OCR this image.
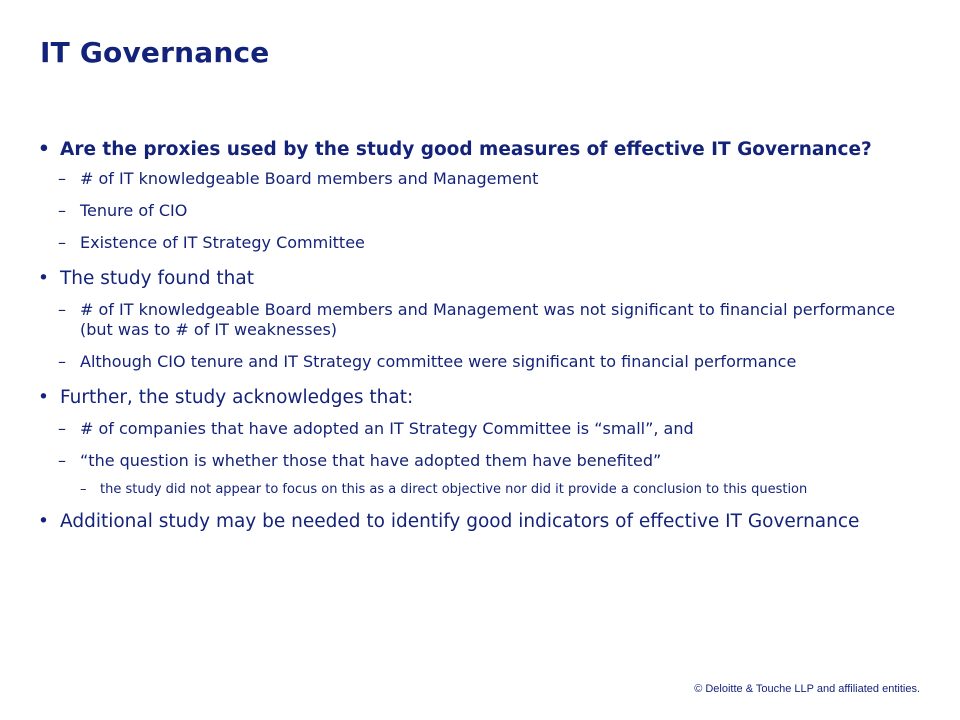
IT Governance
• Are the proxies used by the study good measures of effective IT Governance?
– # of IT knowledgeable Board members and Management
– Tenure of CIO
– Existence of IT Strategy Committee
• The study found that
– # of IT knowledgeable Board members and Management was not significant to financial performance (but was to # of IT weaknesses)
– Although CIO tenure and IT Strategy committee were significant to financial performance
• Further, the study acknowledges that:
– # of companies that have adopted an IT Strategy Committee is “small”, and
– “the question is whether those that have adopted them have benefited”
– the study did not appear to focus on this as a direct objective nor did it provide a conclusion to this question
• Additional study may be needed to identify good indicators of effective IT Governance
© Deloitte & Touche LLP and affiliated entities.
